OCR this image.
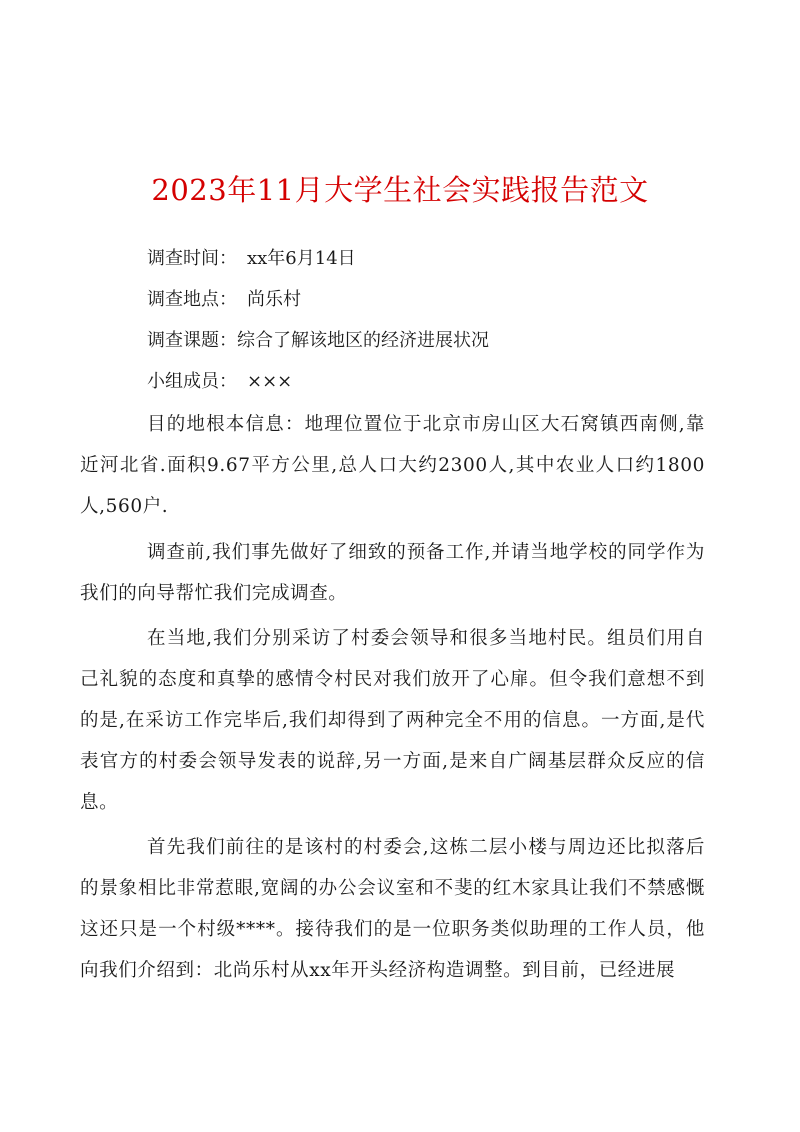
2023年11月大学生社会实践报告范文
调查时间： xx年6月14日
调查地点： 尚乐村
调查课题：综合了解该地区的经济进展状况
小组成员： ×××

目的地根本信息：地理位置位于北京市房山区大石窝镇西南侧,靠近河北省.面积9.67平方公里,总人口大约2300人,其中农业人口约1800人,560户.

调查前,我们事先做好了细致的预备工作,并请当地学校的同学作为我们的向导帮忙我们完成调查。

在当地,我们分别采访了村委会领导和很多当地村民。组员们用自己礼貌的态度和真挚的感情令村民对我们放开了心扉。但令我们意想不到的是,在采访工作完毕后,我们却得到了两种完全不用的信息。一方面,是代表官方的村委会领导发表的说辞,另一方面,是来自广阔基层群众反应的信息。

首先我们前往的是该村的村委会,这栋二层小楼与周边还比拟落后的景象相比非常惹眼,宽阔的办公会议室和不斐的红木家具让我们不禁感慨这还只是一个村级****。接待我们的是一位职务类似助理的工作人员，他向我们介绍到：北尚乐村从xx年开头经济构造调整。到目前，已经进展
